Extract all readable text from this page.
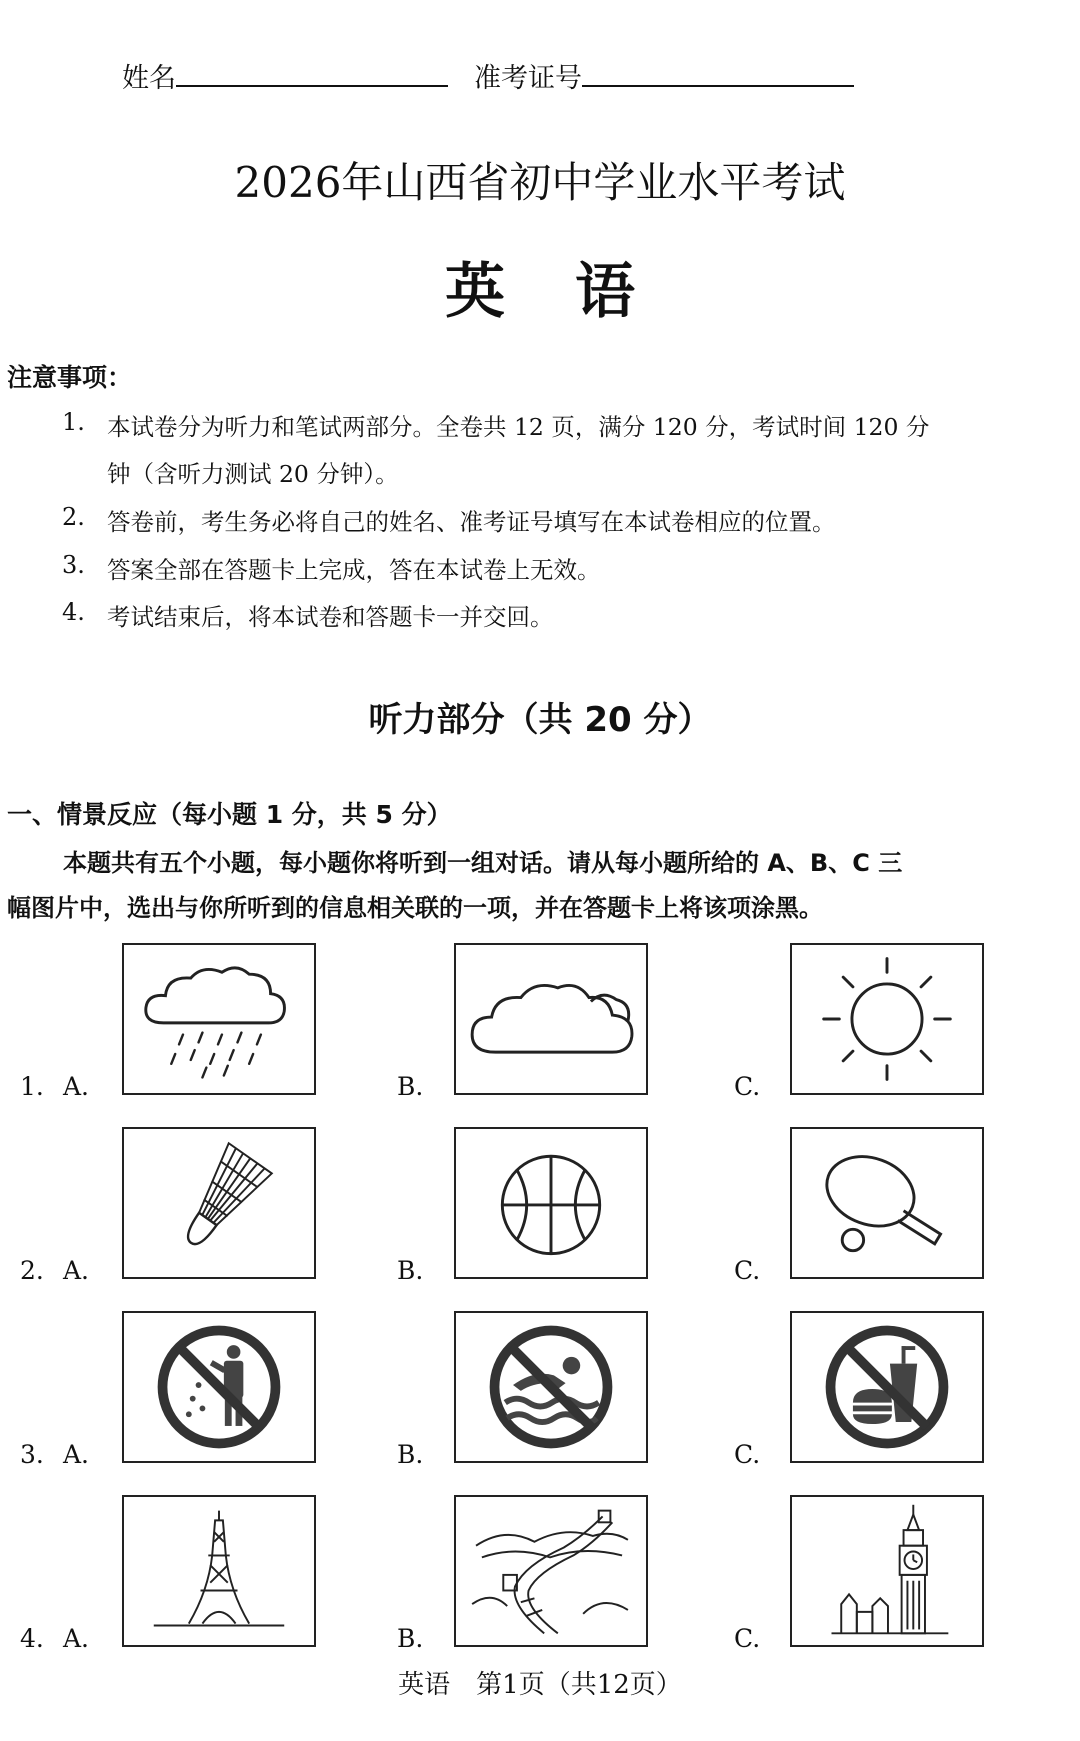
姓名	准考证号
2026年山西省初中学业水平考试
英语
注意事项：
1. 本试卷分为听力和笔试两部分。全卷共 12 页，满分 120 分，考试时间 120 分
钟（含听力测试 20 分钟）。
2. 答卷前，考生务必将自己的姓名、准考证号填写在本试卷相应的位置。
3. 答案全部在答题卡上完成，答在本试卷上无效。
4. 考试结束后，将本试卷和答题卡一并交回。
听力部分（共 20 分）
一、情景反应（每小题 1 分，共 5 分）
本题共有五个小题，每小题你将听到一组对话。请从每小题所给的 A、B、C 三
幅图片中，选出与你所听到的信息相关联的一项，并在答题卡上将该项涂黑。
1. A.	B.	C.
2. A.	B.	C.
3. A.	B.	C.
4. A.	B.	C.
英语　第1页（共12页）
